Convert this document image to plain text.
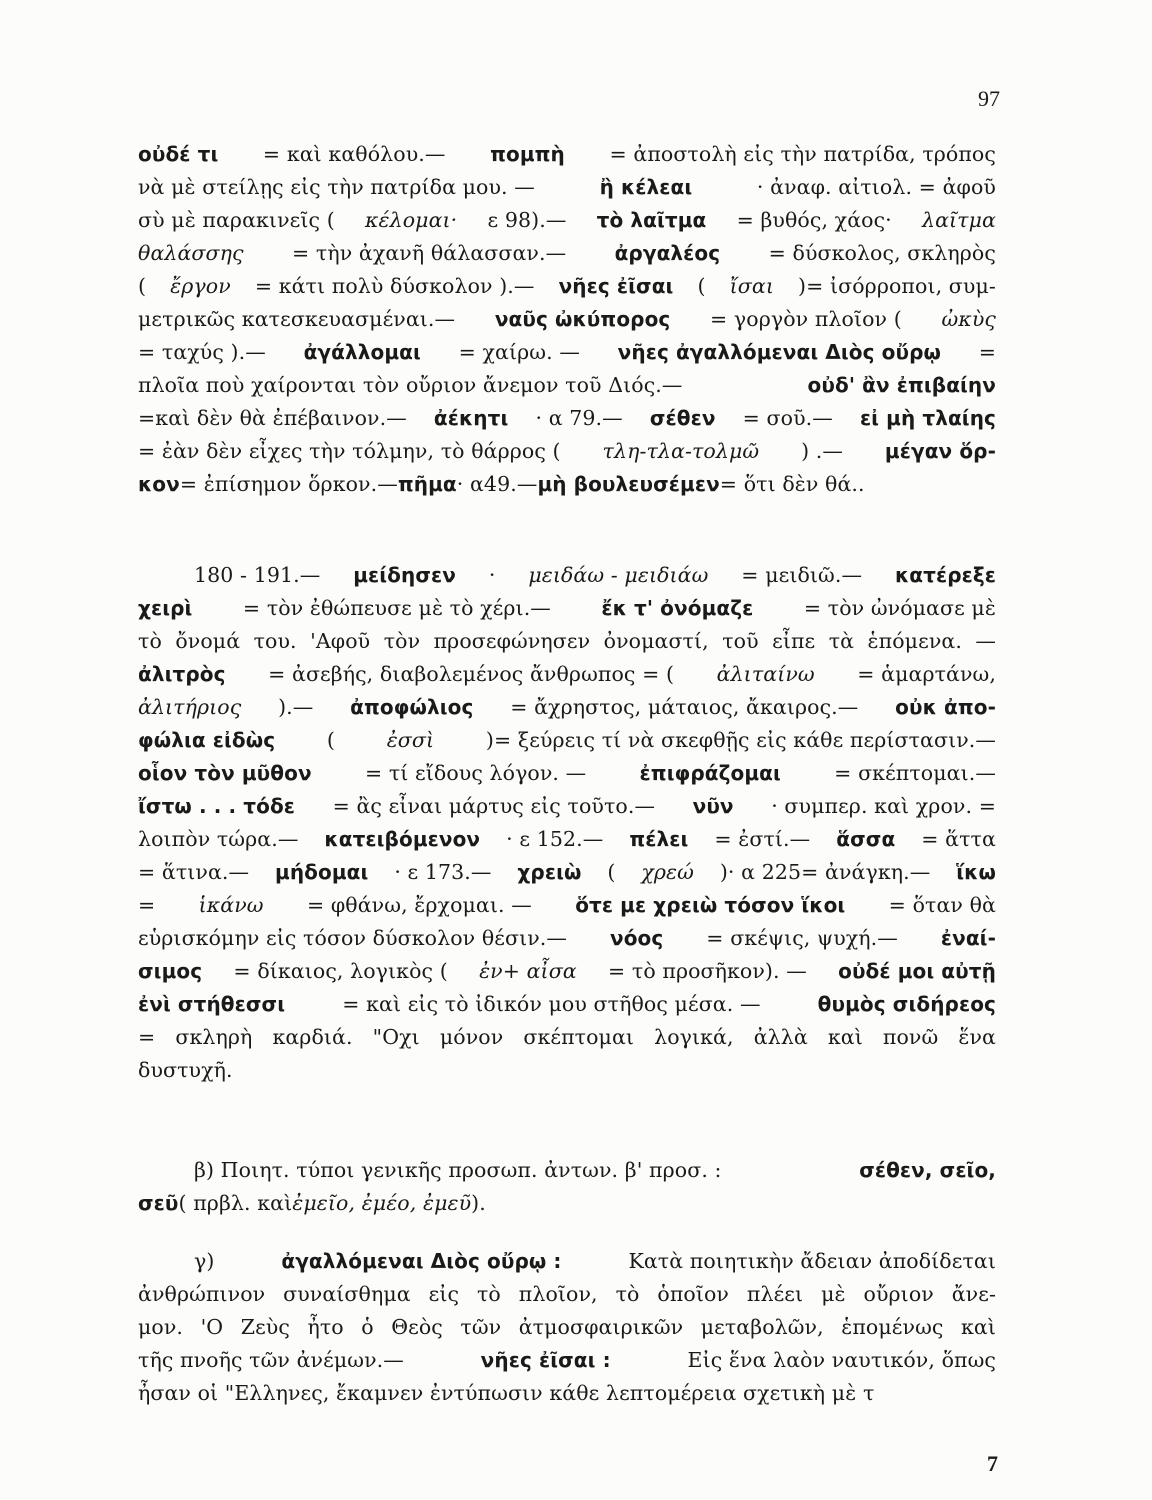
97
οὐδέ τι = καὶ καθόλου.— πομπὴ = ἀποστολὴ εἰς τὴν πατρίδα, τρόπος
νὰ μὲ στείλῃς εἰς τὴν πατρίδα μου. —	ἢ κέλεαι	· ἀναφ. αἰτιολ. = ἀφοῦ
σὺ μὲ παρακινεῖς ( κέλομαι· ε 98).— τὸ λαῖτμα = βυθός, χάος· λαῖτμα
θαλάσσης = τὴν ἀχανῆ θάλασσαν.— ἀργαλέος = δύσκολος, σκληρὸς
( ἔργον = κάτι πολὺ δύσκολον ).— νῆες ἐῖσαι ( ἴσαι )= ἰσόρροποι, συμ-
μετρικῶς κατεσκευασμέναι.— ναῦς ὠκύπορος = γοργὸν πλοῖον ( ὠκὺς
= ταχύς ).— ἀγάλλομαι = χαίρω. — νῆες ἀγαλλόμεναι Διὸς οὔρῳ =
πλοῖα ποὺ χαίρονται τὸν οὔριον ἄνεμον τοῦ Διός.—	οὐδ' ἂν ἐπιβαίην
=καὶ δὲν θὰ ἐπέβαινον.— ἀέκητι · α 79.— σέθεν = σοῦ.— εἰ μὴ τλαίης
= ἐὰν δὲν εἶχες τὴν τόλμην, τὸ θάρρος ( τλη-τλα-τολμῶ ) .— μέγαν ὅρ-
κον = ἐπίσημον ὅρκον.— πῆμα · α49.— μὴ βουλευσέμεν = ὅτι δὲν θά..
180 - 191.— μείδησεν · μειδάω - μειδιάω = μειδιῶ.— κατέρεξε
χειρὶ = τὸν ἐθώπευσε μὲ τὸ χέρι.—	ἔκ τ' ὀνόμαζε = τὸν ὠνόμασε μὲ
τὸ ὄνομά του. 'Αφοῦ τὸν προσεφώνησεν ὀνομαστί, τοῦ εἶπε τὰ ἑπόμενα. —
ἀλιτρὸς = ἀσεβής, διαβολεμένος ἄνθρωπος = ( ἀλιταίνω = ἁμαρτάνω,
ἀλιτήριος ).— ἀποφώλιος = ἄχρηστος, μάταιος, ἄκαιρος.— οὐκ ἀπο-
φώλια εἰδὼς	(	ἐσσὶ	)= ξεύρεις τί νὰ σκεφθῇς εἰς κάθε περίστασιν.—
οἷον τὸν μῦθον	= τί εἴδους λόγον. —	ἐπιφράζομαι	= σκέπτομαι.—
ἴστω . . . τόδε = ἂς εἶναι μάρτυς εἰς τοῦτο.— νῦν · συμπερ. καὶ χρον. =
λοιπὸν τώρα.— κατειβόμενον · ε 152.— πέλει = ἐστί.— ἅσσα = ἅττα
= ἅτινα.— μήδομαι · ε 173.— χρειὼ ( χρεώ )· α 225= ἀνάγκη.— ἵκω
= ἱκάνω = φθάνω, ἔρχομαι. — ὅτε με χρειὼ τόσον ἵκοι = ὅταν θὰ
εὑρισκόμην εἰς τόσον δύσκολον θέσιν.— νόος = σκέψις, ψυχή.— ἐναί-
σιμος = δίκαιος, λογικὸς ( ἐν+ αἶσα = τὸ προσῆκον). — οὐδέ μοι αὐτῇ
ἐνὶ στήθεσσι	= καὶ εἰς τὸ ἰδικόν μου στῆθος μέσα. —	θυμὸς σιδήρεος
= σκληρὴ καρδιά. "Οχι μόνον σκέπτομαι λογικά, ἀλλὰ καὶ πονῶ ἕνα
δυστυχῆ.
β) Ποιητ. τύποι γενικῆς προσωπ. ἀντων. β' προσ. :	σέθεν, σεῖο,
σεῦ ( πρβλ. καὶ ἐμεῖο, ἐμέο, ἐμεῦ ).
γ)	ἀγαλλόμεναι Διὸς οὔρῳ :	Κατὰ ποιητικὴν ἄδειαν ἀποδίδεται
ἀνθρώπινον συναίσθημα εἰς τὸ πλοῖον, τὸ ὁποῖον πλέει μὲ οὔριον ἄνε-
μον. 'Ο Ζεὺς ἦτο ὁ Θεὸς τῶν ἀτμοσφαιρικῶν μεταβολῶν, ἑπομένως καὶ
τῆς πνοῆς τῶν ἀνέμων.—	νῆες ἐῖσαι :	Εἰς ἕνα λαὸν ναυτικόν, ὅπως
ἦσαν οἱ "Ελληνες, ἔκαμνεν ἐντύπωσιν κάθε λεπτομέρεια σχετικὴ μὲ τ
7
